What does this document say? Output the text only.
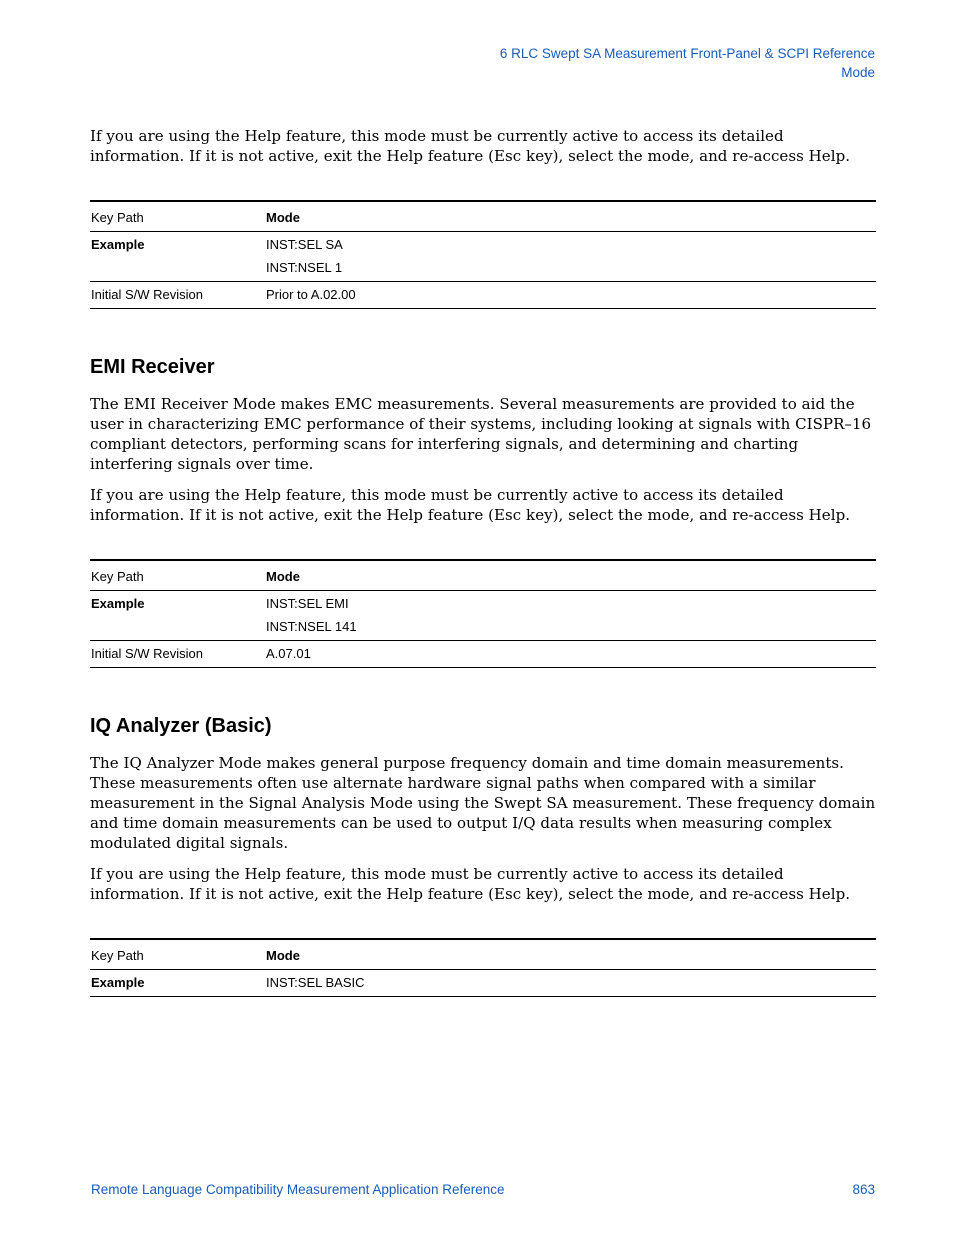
6 RLC Swept SA Measurement Front-Panel & SCPI Reference
Mode

If you are using the Help feature, this mode must be currently active to access its detailed information. If it is not active, exit the Help feature (Esc key), select the mode, and re-access Help.

Key Path	Mode

Example	INST:SEL SA
INST:NSEL 1

Initial S/W Revision	Prior to A.02.00
EMI Receiver

The EMI Receiver Mode makes EMC measurements. Several measurements are provided to aid the user in characterizing EMC performance of their systems, including looking at signals with CISPR–16 compliant detectors, performing scans for interfering signals, and determining and charting interfering signals over time.

If you are using the Help feature, this mode must be currently active to access its detailed information. If it is not active, exit the Help feature (Esc key), select the mode, and re-access Help.

Key Path	Mode

Example	INST:SEL EMI
INST:NSEL 141

Initial S/W Revision	A.07.01
IQ Analyzer (Basic)

The IQ Analyzer Mode makes general purpose frequency domain and time domain measurements. These measurements often use alternate hardware signal paths when compared with a similar measurement in the Signal Analysis Mode using the Swept SA measurement. These frequency domain and time domain measurements can be used to output I/Q data results when measuring complex modulated digital signals.

If you are using the Help feature, this mode must be currently active to access its detailed information. If it is not active, exit the Help feature (Esc key), select the mode, and re-access Help.

Key Path	Mode

Example	INST:SEL BASIC
Remote Language Compatibility Measurement Application Reference	863
